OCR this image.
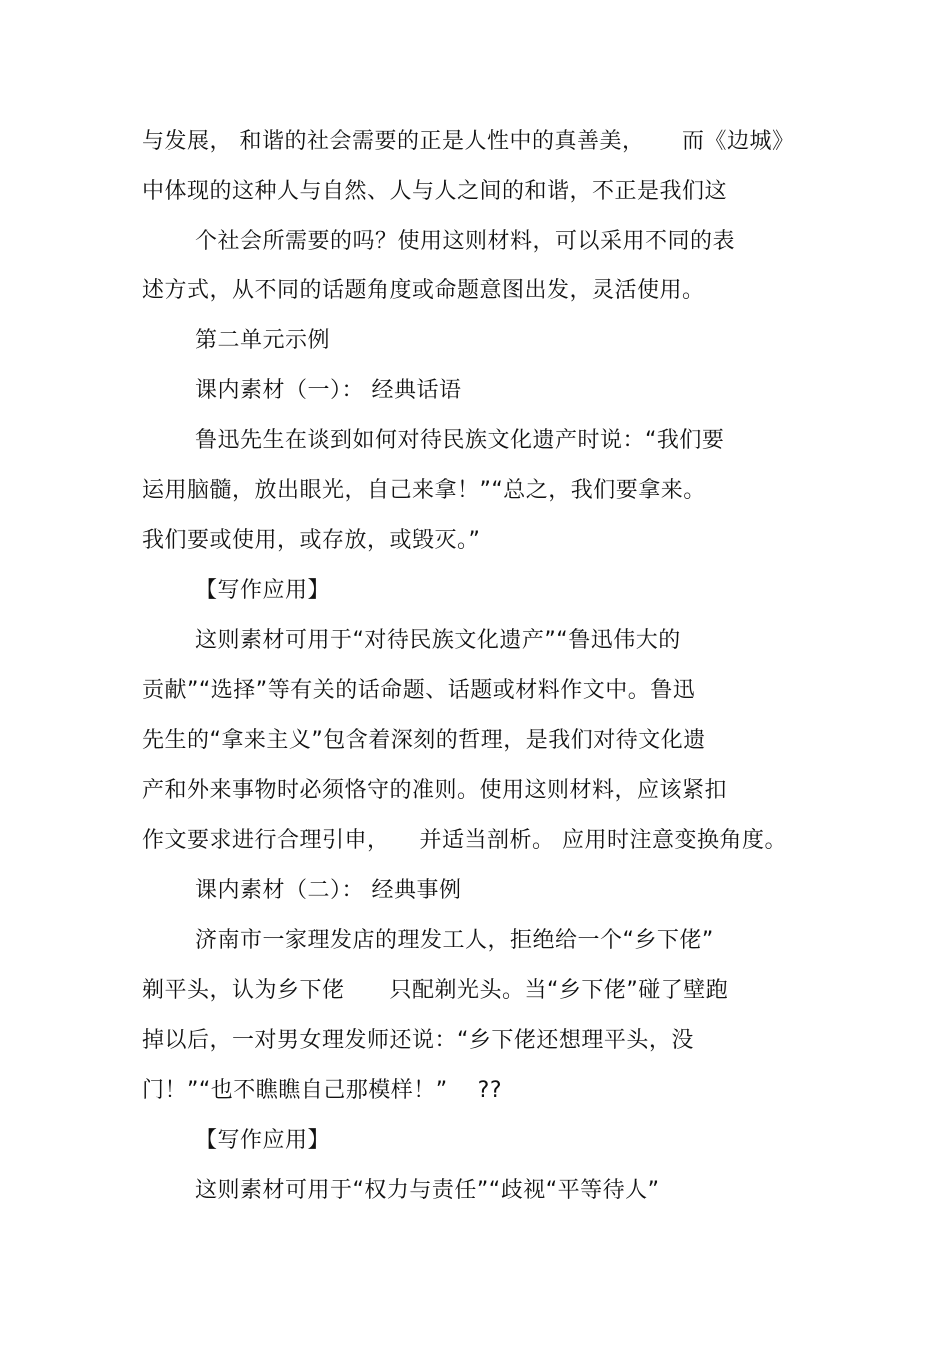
与发展， 和谐的社会需要的正是人性中的真善美，     而《边城》
中体现的这种人与自然、人与人之间的和谐，不正是我们这
个社会所需要的吗？使用这则材料，可以采用不同的表
述方式，从不同的话题角度或命题意图出发，灵活使用。
第二单元示例
课内素材（一）： 经典话语
鲁迅先生在谈到如何对待民族文化遗产时说：“我们要
运用脑髓，放出眼光，自己来拿！”“总之，我们要拿来。
我们要或使用，或存放，或毁灭。”
【写作应用】
这则素材可用于“对待民族文化遗产”“鲁迅伟大的
贡献”“选择”等有关的话命题、话题或材料作文中。鲁迅
先生的“拿来主义”包含着深刻的哲理，是我们对待文化遗
产和外来事物时必须恪守的准则。使用这则材料，应该紧扣
作文要求进行合理引申，    并适当剖析。 应用时注意变换角度。
课内素材（二）： 经典事例
济南市一家理发店的理发工人，拒绝给一个“乡下佬”
剃平头，认为乡下佬      只配剃光头。当“乡下佬”碰了壁跑
掉以后，一对男女理发师还说：“乡下佬还想理平头，没
门！”“也不瞧瞧自己那模样！”    ??
【写作应用】
这则素材可用于“权力与责任”“歧视“平等待人”
